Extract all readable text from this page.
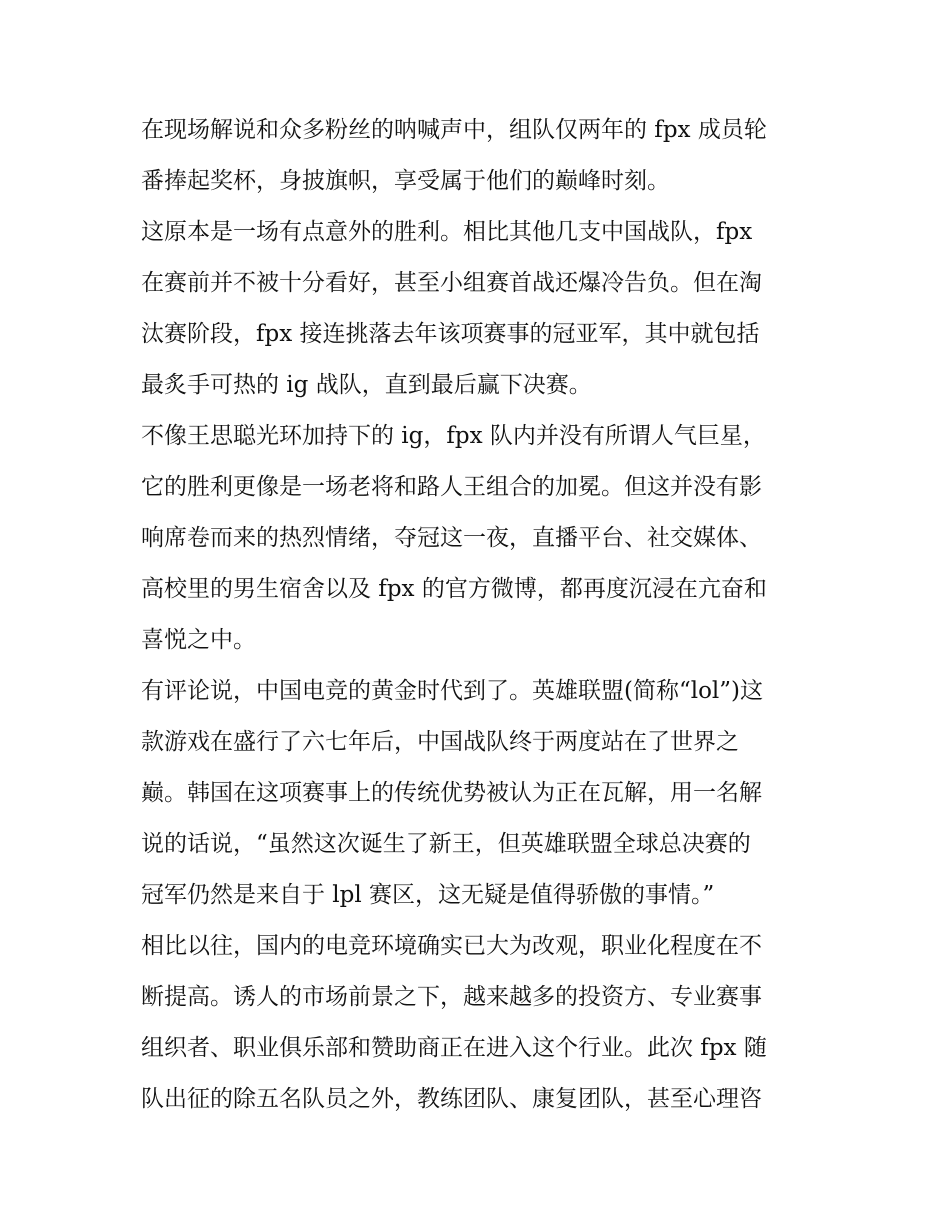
在现场解说和众多粉丝的呐喊声中，组队仅两年的 fpx 成员轮
番捧起奖杯，身披旗帜，享受属于他们的巅峰时刻。
这原本是一场有点意外的胜利。相比其他几支中国战队，fpx
在赛前并不被十分看好，甚至小组赛首战还爆冷告负。但在淘
汰赛阶段，fpx 接连挑落去年该项赛事的冠亚军，其中就包括
最炙手可热的 ig 战队，直到最后赢下决赛。
不像王思聪光环加持下的 ig，fpx 队内并没有所谓人气巨星，
它的胜利更像是一场老将和路人王组合的加冕。但这并没有影
响席卷而来的热烈情绪，夺冠这一夜，直播平台、社交媒体、
高校里的男生宿舍以及 fpx 的官方微博，都再度沉浸在亢奋和
喜悦之中。
有评论说，中国电竞的黄金时代到了。英雄联盟(简称“lol”)这
款游戏在盛行了六七年后，中国战队终于两度站在了世界之
巅。韩国在这项赛事上的传统优势被认为正在瓦解，用一名解
说的话说，“虽然这次诞生了新王，但英雄联盟全球总决赛的
冠军仍然是来自于 lpl 赛区，这无疑是值得骄傲的事情。”
相比以往，国内的电竞环境确实已大为改观，职业化程度在不
断提高。诱人的市场前景之下，越来越多的投资方、专业赛事
组织者、职业俱乐部和赞助商正在进入这个行业。此次 fpx 随
队出征的除五名队员之外，教练团队、康复团队，甚至心理咨
